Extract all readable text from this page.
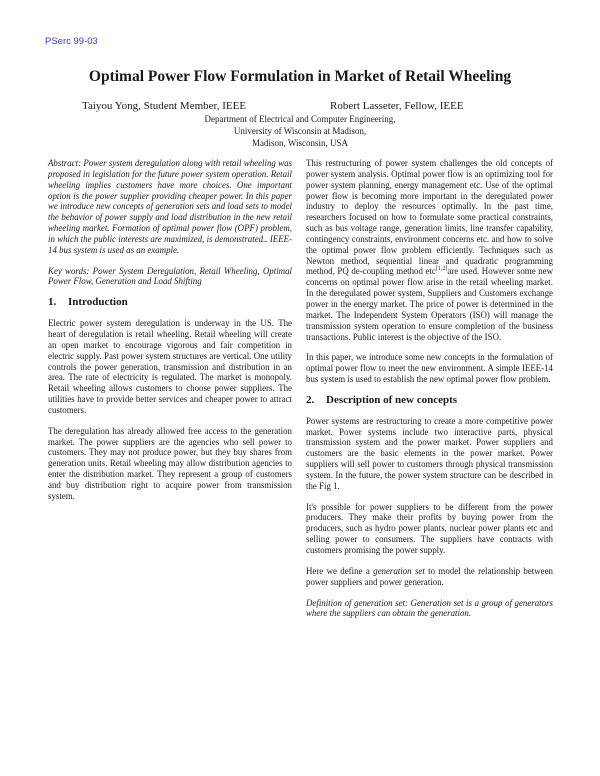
PSerc 99-03
Optimal Power Flow Formulation in Market of Retail Wheeling
Taiyou Yong, Student Member, IEEE	Robert Lasseter, Fellow, IEEE
Department of Electrical and Computer Engineering,
University of Wisconsin at Madison,
Madison, Wisconsin, USA

Abstract: Power system deregulation along with retail wheeling was proposed in legislation for the future power system operation. Retail wheeling implies customers have more choices. One important option is the power supplier providing cheaper power. In this paper we introduce new concepts of generation sets and load sets to model the behavior of power supply and load distribution in the new retail wheeling market. Formation of optimal power flow (OPF) problem, in which the public interests are maximized, is demonstrated.. IEEE-14 bus system is used as an example.

Key words: Power System Deregulation, Retail Wheeling, Optimal Power Flow, Generation and Load Shifting

1. Introduction

Electric power system deregulation is underway in the US. The heart of deregulation is retail wheeling. Retail wheeling will create an open market to encourage vigorous and fair competition in electric supply. Past power system structures are vertical. One utility controls the power generation, transmission and distribution in an area. The rate of electricity is regulated. The market is monopoly. Retail wheeling allows customers to choose power suppliers. The utilities have to provide better services and cheaper power to attract customers.

The deregulation has already allowed free access to the generation market. The power suppliers are the agencies who sell power to customers. They may not produce power, but they buy shares from generation units. Retail wheeling may allow distribution agencies to enter the distribution market. They represent a group of customers and buy distribution right to acquire power from transmission system.

This restructuring of power system challenges the old concepts of power system analysis. Optimal power flow is an optimizing tool for power system planning, energy management etc. Use of the optimal power flow is becoming more important in the deregulated power industry to deploy the resources optimally. In the past time, researchers focused on how to formulate some practical constraints, such as bus voltage range, generation limits, line transfer capability, contingency constraints, environment concerns etc. and how to solve the optimal power flow problem efficiently. Techniques such as Newton method, sequential linear and quadratic programming method, PQ de-coupling method etc[1,2]are used. However some new concerns on optimal power flow arise in the retail wheeling market. In the deregulated power system, Suppliers and Customers exchange power in the energy market. The price of power is determined in the market. The Independent System Operators (ISO) will manage the transmission system operation to ensure completion of the business transactions. Public interest is the objective of the ISO.

In this paper, we introduce some new concepts in the formulation of optimal power flow to meet the new environment. A simple IEEE-14 bus system is used to establish the new optimal power flow problem.

2. Description of new concepts

Power systems are restructuring to create a more competitive power market. Power systems include two interactive parts, physical transmission system and the power market. Power suppliers and customers are the basic elements in the power market. Power suppliers will sell power to customers through physical transmission system. In the future, the power system structure can be described in the Fig 1.

It's possible for power suppliers to be different from the power producers. They make their profits by buying power from the producers, such as hydro power plants, nuclear power plants etc and selling power to consumers. The suppliers have contracts with customers promising the power supply.

Here we define a generation set to model the relationship between power suppliers and power generation.

Definition of generation set: Generation set is a group of generators where the suppliers can obtain the generation.
